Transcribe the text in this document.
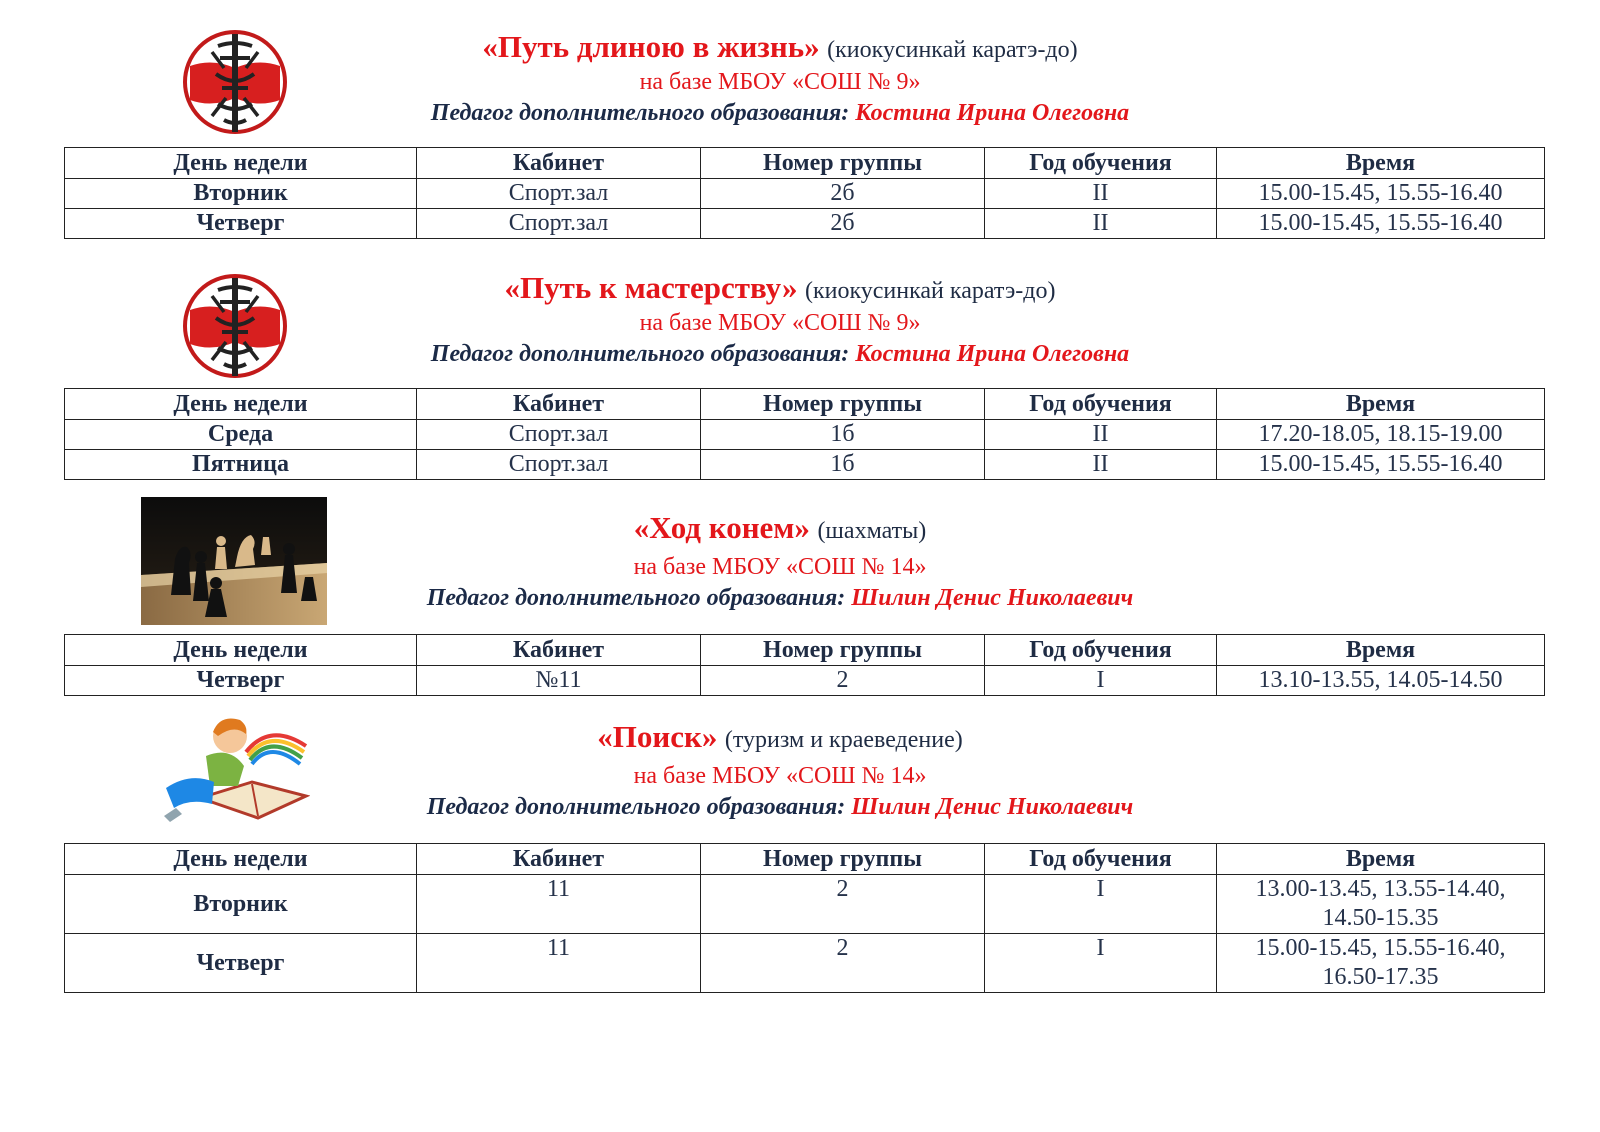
«Путь длиною в жизнь» (киокусинкай каратэ-до)
на базе МБОУ «СОШ № 9»
Педагог дополнительного образования: Костина Ирина Олеговна
День недели	Кабинет	Номер группы	Год обучения	Время
Вторник	Спорт.зал	2б	II	15.00-15.45, 15.55-16.40
Четверг	Спорт.зал	2б	II	15.00-15.45, 15.55-16.40
«Путь к мастерству» (киокусинкай каратэ-до)
на базе МБОУ «СОШ № 9»
Педагог дополнительного образования: Костина Ирина Олеговна
День недели	Кабинет	Номер группы	Год обучения	Время
Среда	Спорт.зал	1б	II	17.20-18.05, 18.15-19.00
Пятница	Спорт.зал	1б	II	15.00-15.45, 15.55-16.40
«Ход конем» (шахматы)
на базе МБОУ «СОШ № 14»
Педагог дополнительного образования: Шилин Денис Николаевич
День недели	Кабинет	Номер группы	Год обучения	Время
Четверг	№11	2	I	13.10-13.55, 14.05-14.50
«Поиск» (туризм и краеведение)
на базе МБОУ «СОШ № 14»
Педагог дополнительного образования: Шилин Денис Николаевич
День недели	Кабинет	Номер группы	Год обучения	Время
Вторник	11	2	I	13.00-13.45, 13.55-14.40,
14.50-15.35

Четверг	11	2	I	15.00-15.45, 15.55-16.40,
16.50-17.35
